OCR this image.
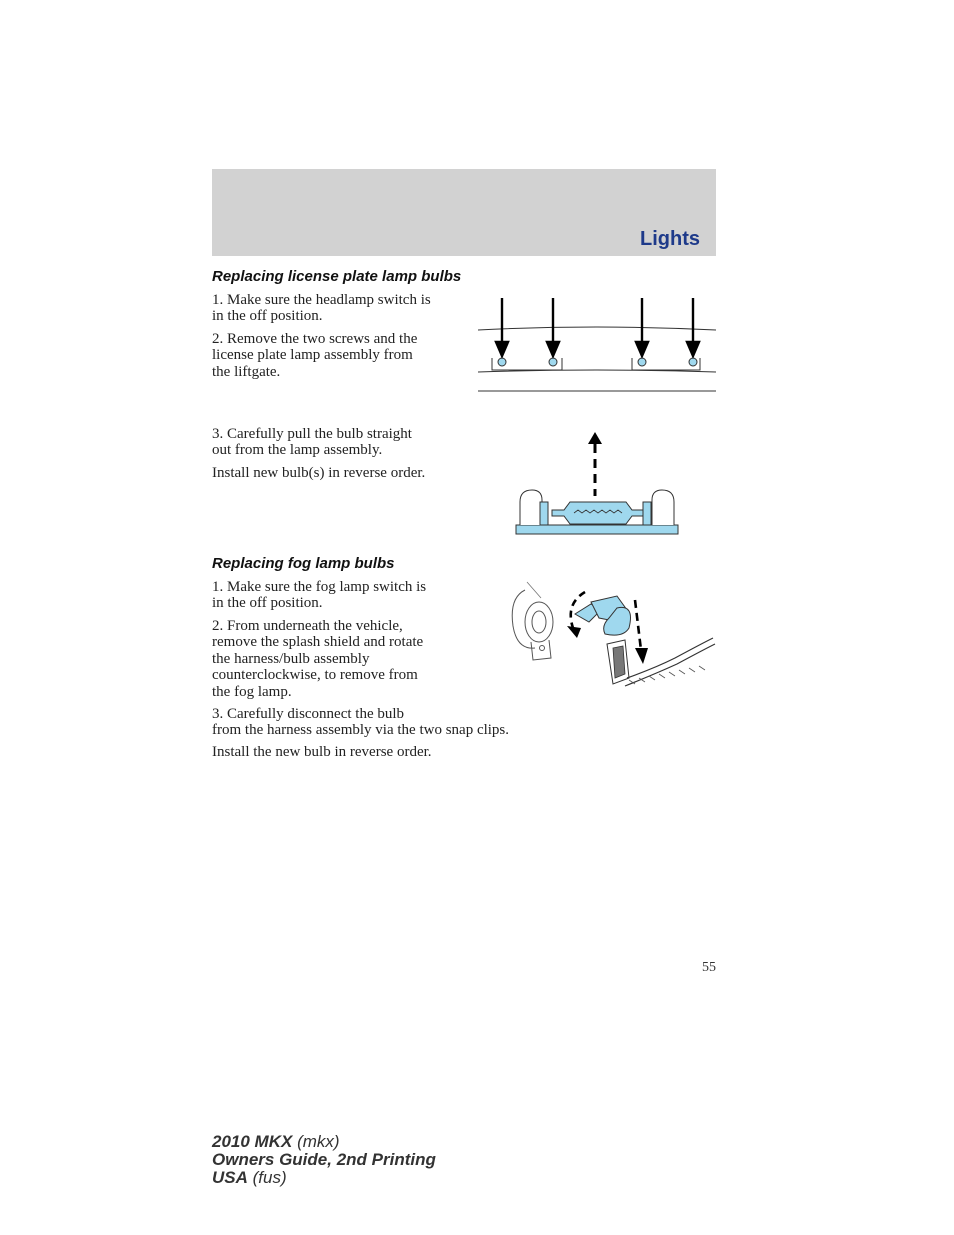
Lights
Replacing license plate lamp bulbs
1. Make sure the headlamp switch is
in the off position.
2. Remove the two screws and the
license plate lamp assembly from
the liftgate.
3. Carefully pull the bulb straight
out from the lamp assembly.
Install new bulb(s) in reverse order.
Replacing fog lamp bulbs
1. Make sure the fog lamp switch is
in the off position.
2. From underneath the vehicle,
remove the splash shield and rotate
the harness/bulb assembly
counterclockwise, to remove from
the fog lamp.
3. Carefully disconnect the bulb
from the harness assembly via the two snap clips.
Install the new bulb in reverse order.
55
2010 MKX (mkx)
Owners Guide, 2nd Printing
USA (fus)
